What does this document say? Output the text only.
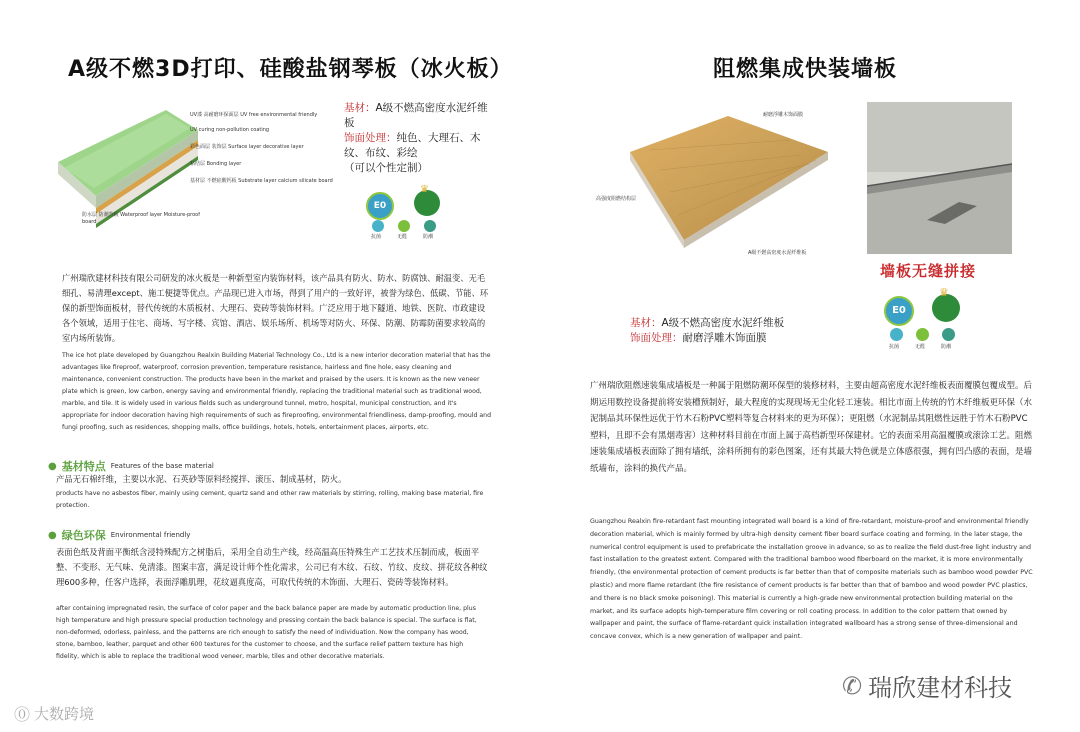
A级不燃3D打印、硅酸盐钢琴板（冰火板）
UV漆 高耐磨环保面层 UV free environmental friendly
UV curing non-pollution coating
彩色面层 装饰层 Surface layer decorative layer
粘结层 Bonding layer
基材层 不燃硅酸钙板 Substrate layer calcium silicate board
防水层 防潮背板 Waterproof layer Moisture-proof board
基材：A级不燃高密度水泥纤维板
饰面处理：纯色、大理石、木纹、布纹、彩绘
（可以个性定制）
E0
♛
抗菌	无醛	防潮
广州瑞欣建材科技有限公司研发的冰火板是一种新型室内装饰材料，该产品具有防火、防水、防腐蚀、耐温变、无毛细孔、易清理except、施工便捷等优点。产品现已进入市场，得到了用户的一致好评，被誉为绿色、低碳、节能、环保的新型饰面板材，替代传统的木质板材、大理石、瓷砖等装饰材料。广泛应用于地下隧道、地铁、医院、市政建设各个领域，适用于住宅、商场、写字楼、宾馆、酒店、娱乐场所、机场等对防火、环保、防潮、防霉防菌要求较高的室内场所装饰。
The ice hot plate developed by Guangzhou Realxin Building Material Technology Co., Ltd is a new interior decoration material that has the advantages like fireproof, waterproof, corrosion prevention, temperature resistance, hairless and fine hole, easy cleaning and maintenance, convenient construction. The products have been in the market and praised by the users. It is known as the new veneer plate which is green, low carbon, energy saving and environmental friendly, replacing the traditional material such as traditional wood, marble, and tile. It is widely used in various fields such as underground tunnel, metro, hospital, municipal construction, and it's appropriate for indoor decoration having high requirements of such as fireproofing, environmental friendliness, damp-proofing, mould and fungi proofing, such as residences, shopping malls, office buildings, hotels, hotels, entertainment places, airports, etc.
● 基材特点 Features of the base material
产品无石棉纤维，主要以水泥、石英砂等原料经搅拌、滚压、制成基材，防火。
products have no asbestos fiber, mainly using cement, quartz sand and other raw materials by stirring, rolling, making base material, fire protection.
● 绿色环保 Environmental friendly
表面色纸及背面平衡纸含浸特殊配方之树脂后，采用全自动生产线，经高温高压特殊生产工艺技术压制而成，板面平整、不变形、无气味、免清漆。图案丰富，满足设计师个性化需求，公司已有木纹、石纹、竹纹、皮纹、拼花纹各种纹理600多种，任客户选择，表面浮雕肌理，花纹逼真度高，可取代传统的木饰面、大理石、瓷砖等装饰材料。
after containing impregnated resin, the surface of color paper and the back balance paper are made by automatic production line, plus high temperature and high pressure special production technology and pressing contain the back balance is special. The surface is flat, non-deformed, odorless, painless, and the patterns are rich enough to satisfy the need of individuation. Now the company has wood, stone, bamboo, leather, parquet and other 600 textures for the customer to choose, and the surface relief pattern texture has high fidelity, which is able to replace the traditional wood veneer, marble, tiles and other decorative materials.
⓪ 大数跨境
阻燃集成快装墙板
耐磨浮雕木饰面膜
高强度阻燃结构层
A级不燃高密度水泥纤维板
墙板无缝拼接
E0
♛
抗菌	无醛	防潮
基材：A级不燃高密度水泥纤维板
饰面处理：耐磨浮雕木饰面膜
广州瑞欣阻燃速装集成墙板是一种属于阻燃防潮环保型的装修材料，主要由超高密度水泥纤维板表面覆膜包覆成型。后期运用数控设备提前将安装槽预制好，最大程度的实现现场无尘化轻工速装。相比市面上传统的竹木纤维板更环保（水泥制品其环保性远优于竹木石粉PVC塑料等复合材料来的更为环保）；更阻燃（水泥制品其阻燃性远胜于竹木石粉PVC塑料，且即不会有黑烟毒害）这种材料目前在市面上属于高档新型环保建材。它的表面采用高温覆膜或滚涂工艺。阻燃速装集成墙板表面除了拥有墙纸，涂料所拥有的彩色图案，还有其最大特色就是立体感很强，拥有凹凸感的表面，是墙纸墙布，涂料的换代产品。
Guangzhou Realxin fire-retardant fast mounting integrated wall board is a kind of fire-retardant, moisture-proof and environmental friendly decoration material, which is mainly formed by ultra-high density cement fiber board surface coating and forming. In the later stage, the numerical control equipment is used to prefabricate the installation groove in advance, so as to realize the field dust-free light industry and fast installation to the greatest extent. Compared with the traditional bamboo wood fiberboard on the market, it is more environmentally friendly, (the environmental protection of cement products is far better than that of composite materials such as bamboo wood powder PVC plastic) and more flame retardant (the fire resistance of cement products is far better than that of bamboo and wood powder PVC plastics, and there is no black smoke poisoning). This material is currently a high-grade new environmental protection building material on the market, and its surface adopts high-temperature film covering or roll coating process. In addition to the color pattern that owned by wallpaper and paint, the surface of flame-retardant quick installation integrated wallboard has a strong sense of three-dimensional and concave convex, which is a new generation of wallpaper and paint.
✆ 瑞欣建材科技
